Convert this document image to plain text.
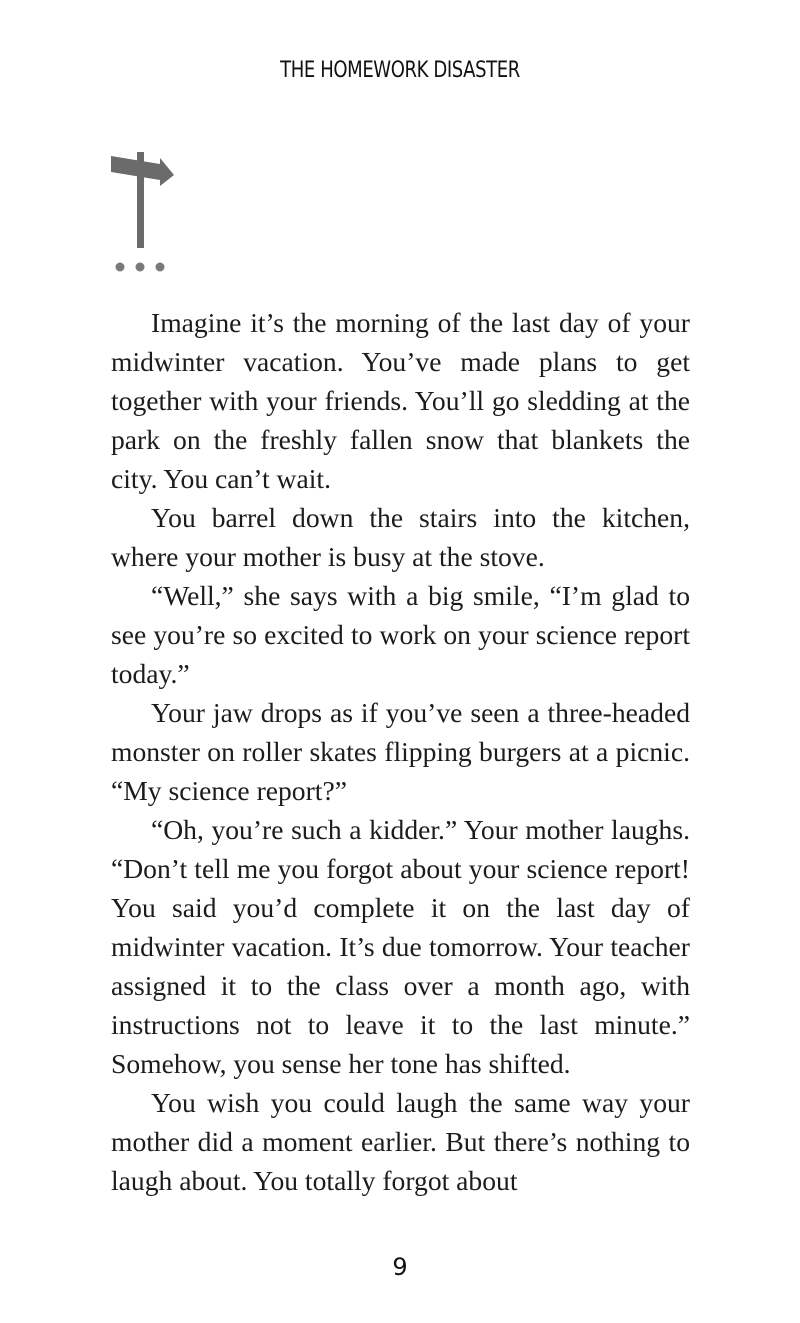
THE HOMEWORK DISASTER

Imagine it’s the morning of the last day of your midwinter vacation. You’ve made plans to get together with your friends. You’ll go sledding at the park on the freshly fallen snow that blankets the city. You can’t wait.

You barrel down the stairs into the kitchen, where your mother is busy at the stove.

“Well,” she says with a big smile, “I’m glad to see you’re so excited to work on your science report today.”

Your jaw drops as if you’ve seen a three-headed monster on roller skates flipping burgers at a picnic. “My science report?”

“Oh, you’re such a kidder.” Your mother laughs. “Don’t tell me you forgot about your science report! You said you’d complete it on the last day of midwinter vacation. It’s due tomorrow. Your teacher assigned it to the class over a month ago, with instructions not to leave it to the last minute.” Somehow, you sense her tone has shifted.

You wish you could laugh the same way your mother did a moment earlier. But there’s nothing to laugh about. You totally forgot about

9
